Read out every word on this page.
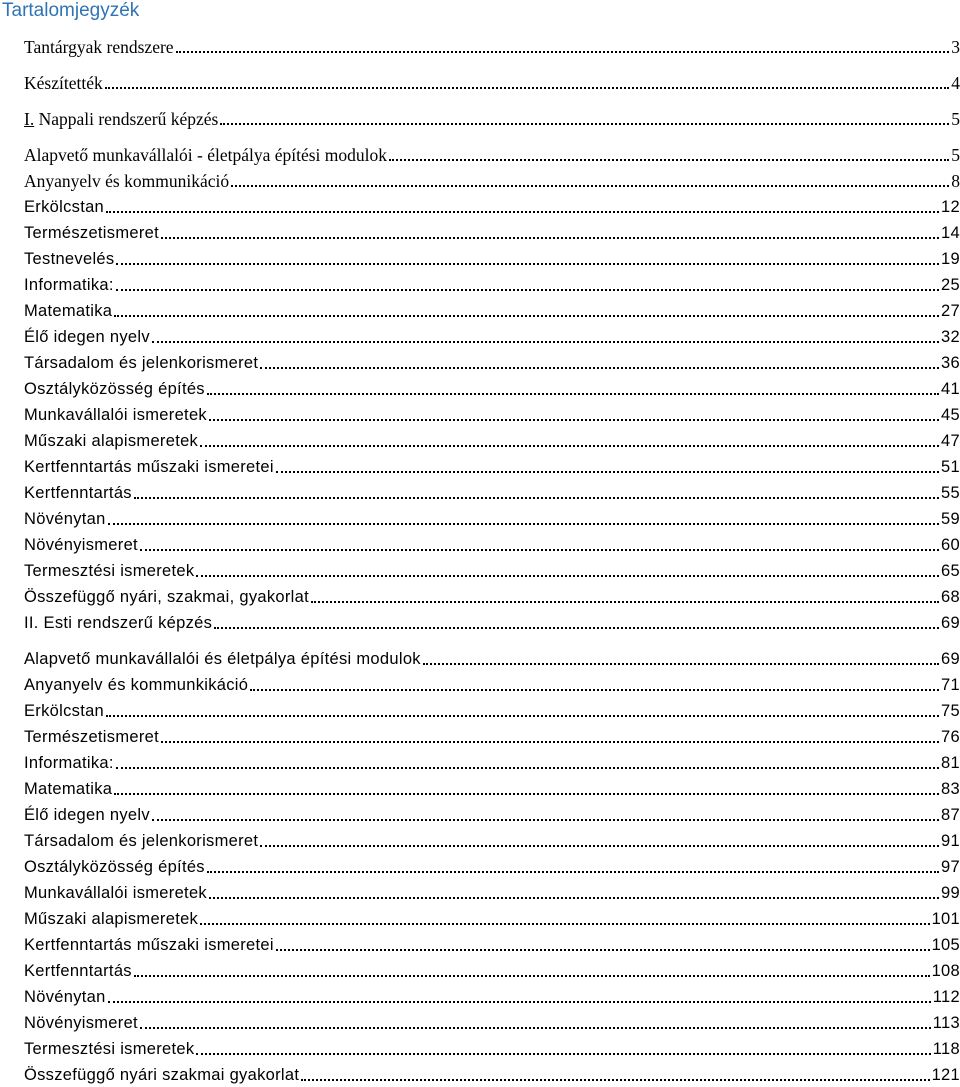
Tartalomjegyzék
Tantárgyak rendszere	3
Készítették	4
I. Nappali rendszerű képzés	5
Alapvető munkavállalói - életpálya építési modulok	5
Anyanyelv és kommunikáció	8
Erkölcstan	12
Természetismeret	14
Testnevelés	19
Informatika:	25
Matematika	27
Élő idegen nyelv	32
Társadalom és jelenkorismeret	36
Osztályközösség építés	41
Munkavállalói ismeretek	45
Műszaki alapismeretek	47
Kertfenntartás műszaki ismeretei	51
Kertfenntartás	55
Növénytan	59
Növényismeret	60
Termesztési ismeretek	65
Összefüggő nyári, szakmai, gyakorlat	68
II. Esti rendszerű képzés	69
Alapvető munkavállalói és életpálya építési modulok	69
Anyanyelv és kommunkikáció	71
Erkölcstan	75
Természetismeret	76
Informatika:	81
Matematika	83
Élő idegen nyelv	87
Társadalom és jelenkorismeret	91
Osztályközösség építés	97
Munkavállalói ismeretek	99
Műszaki alapismeretek	101
Kertfenntartás műszaki ismeretei	105
Kertfenntartás	108
Növénytan	112
Növényismeret	113
Termesztési ismeretek	118
Összefüggő nyári szakmai gyakorlat	121
